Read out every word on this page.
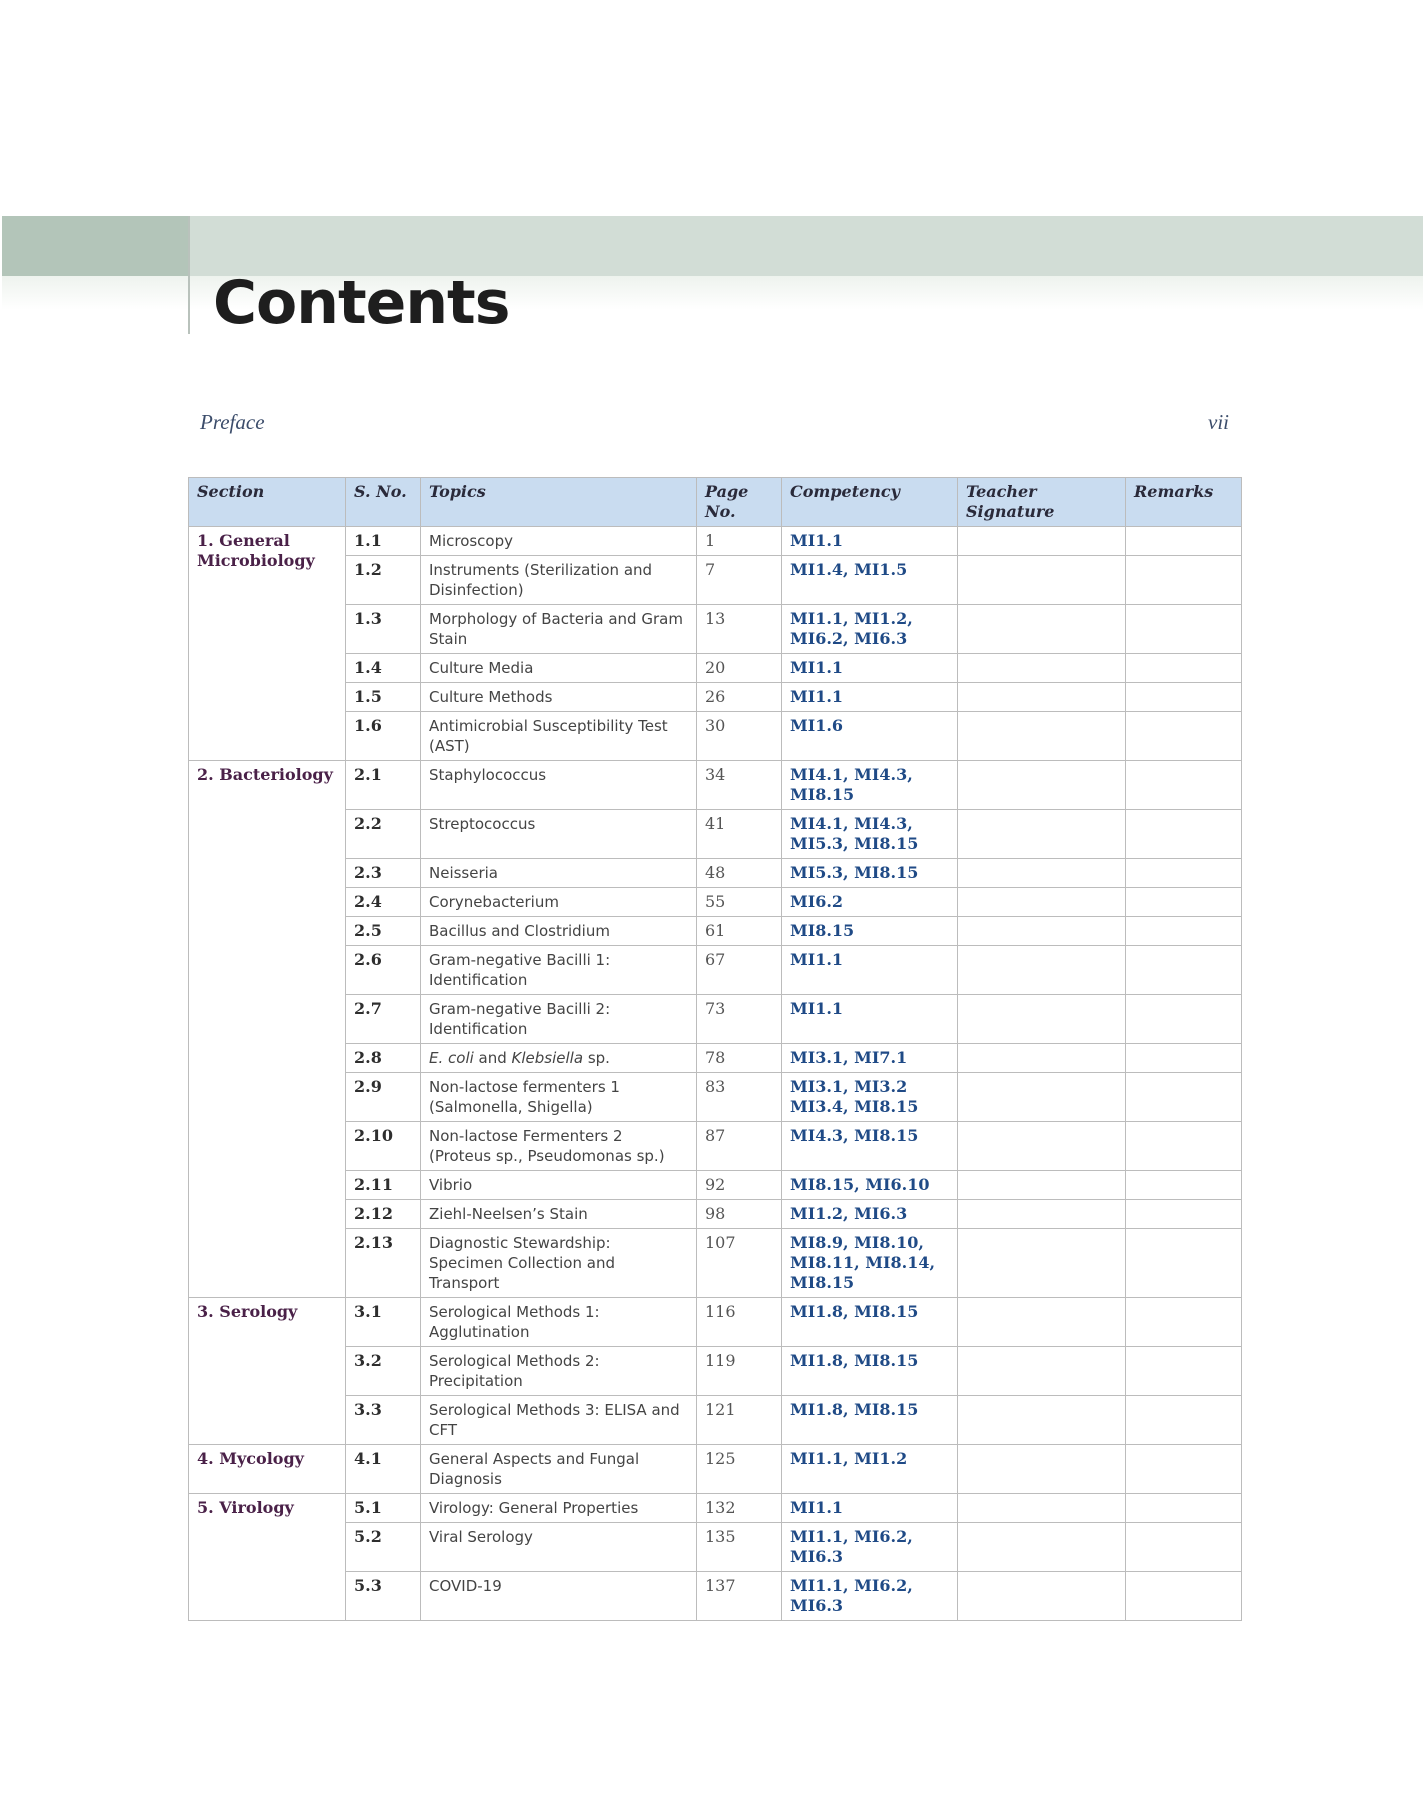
Contents
Preface	vii
Section	S. No.	Topics	Page No.	Competency	Teacher Signature	Remarks
1. General Microbiology	1.1	Microscopy	1	MI1.1		
	1.2	Instruments (Sterilization and Disinfection)	7	MI1.4, MI1.5		
	1.3	Morphology of Bacteria and Gram Stain	13	MI1.1, MI1.2, MI6.2, MI6.3		
	1.4	Culture Media	20	MI1.1		
	1.5	Culture Methods	26	MI1.1		
	1.6	Antimicrobial Susceptibility Test (AST)	30	MI1.6		
2. Bacteriology	2.1	Staphylococcus	34	MI4.1, MI4.3, MI8.15		
	2.2	Streptococcus	41	MI4.1, MI4.3, MI5.3, MI8.15		
	2.3	Neisseria	48	MI5.3, MI8.15		
	2.4	Corynebacterium	55	MI6.2		
	2.5	Bacillus and Clostridium	61	MI8.15		
	2.6	Gram-negative Bacilli 1: Identification	67	MI1.1		
	2.7	Gram-negative Bacilli 2: Identification	73	MI1.1		
	2.8	E. coli and Klebsiella sp.	78	MI3.1, MI7.1		
	2.9	Non-lactose fermenters 1 (Salmonella, Shigella)	83	MI3.1, MI3.2 MI3.4, MI8.15		
	2.10	Non-lactose Fermenters 2 (Proteus sp., Pseudomonas sp.)	87	MI4.3, MI8.15		
	2.11	Vibrio	92	MI8.15, MI6.10		
	2.12	Ziehl-Neelsen’s Stain	98	MI1.2, MI6.3		
	2.13	Diagnostic Stewardship: Specimen Collection and Transport	107	MI8.9, MI8.10, MI8.11, MI8.14, MI8.15		
3. Serology	3.1	Serological Methods 1: Agglutination	116	MI1.8, MI8.15		
	3.2	Serological Methods 2: Precipitation	119	MI1.8, MI8.15		
	3.3	Serological Methods 3: ELISA and CFT	121	MI1.8, MI8.15		
4. Mycology	4.1	General Aspects and Fungal Diagnosis	125	MI1.1, MI1.2		
5. Virology	5.1	Virology: General Properties	132	MI1.1		
	5.2	Viral Serology	135	MI1.1, MI6.2, MI6.3		
	5.3	COVID-19	137	MI1.1, MI6.2, MI6.3		
